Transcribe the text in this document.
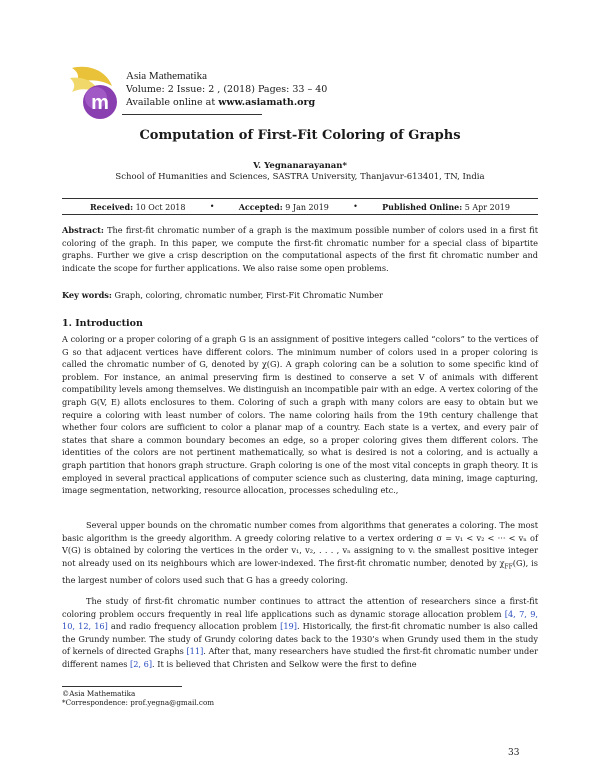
m
Asia Mathematika
Volume: 2 Issue: 2 , (2018) Pages: 33 – 40
Available online at www.asiamath.org
Computation of First-Fit Coloring of Graphs
V. Yegnanarayanan*
School of Humanities and Sciences, SASTRA University, Thanjavur-613401, TN, India
Received: 10 Oct 2018	•	Accepted: 9 Jan 2019	•	Published Online: 5 Apr 2019

Abstract: The first-fit chromatic number of a graph is the maximum possible number of colors used in a first fit coloring of the graph. In this paper, we compute the first-fit chromatic number for a special class of bipartite graphs. Further we give a crisp description on the computational aspects of the first fit chromatic number and indicate the scope for further applications. We also raise some open problems.

Key words: Graph, coloring, chromatic number, First-Fit Chromatic Number

1. Introduction

A coloring or a proper coloring of a graph G is an assignment of positive integers called “colors” to the vertices of G so that adjacent vertices have different colors. The minimum number of colors used in a proper coloring is called the chromatic number of G, denoted by χ(G). A graph coloring can be a solution to some specific kind of problem. For instance, an animal preserving firm is destined to conserve a set V of animals with different compatibility levels among themselves. We distinguish an incompatible pair with an edge. A vertex coloring of the graph G(V, E) allots enclosures to them. Coloring of such a graph with many colors are easy to obtain but we require a coloring with least number of colors. The name coloring hails from the 19th century challenge that whether four colors are sufficient to color a planar map of a country. Each state is a vertex, and every pair of states that share a common boundary becomes an edge, so a proper coloring gives them different colors. The identities of the colors are not pertinent mathematically, so what is desired is not a coloring, and is actually a graph partition that honors graph structure. Graph coloring is one of the most vital concepts in graph theory. It is employed in several practical applications of computer science such as clustering, data mining, image capturing, image segmentation, networking, resource allocation, processes scheduling etc.,

Several upper bounds on the chromatic number comes from algorithms that generates a coloring. The most basic algorithm is the greedy algorithm. A greedy coloring relative to a vertex ordering σ = v₁ < v₂ < ··· < vₙ of V(G) is obtained by coloring the vertices in the order v₁, v₂, . . . , vₙ assigning to vᵢ the smallest positive integer not already used on its neighbours which are lower-indexed. The first-fit chromatic number, denoted by $\chi_{FF}(G)$, is the largest number of colors used such that G has a greedy coloring.

The study of first-fit chromatic number continues to attract the attention of researchers since a first-fit coloring problem occurs frequently in real life applications such as dynamic storage allocation problem [4, 7, 9, 10, 12, 16] and radio frequency allocation problem [19]. Historically, the first-fit chromatic number is also called the Grundy number. The study of Grundy coloring dates back to the 1930’s when Grundy used them in the study of kernels of directed Graphs [11]. After that, many researchers have studied the first-fit chromatic number under different names [2, 6]. It is believed that Christen and Selkow were the first to define

©Asia Mathematika
*Correspondence: prof.yegna@gmail.com
33
